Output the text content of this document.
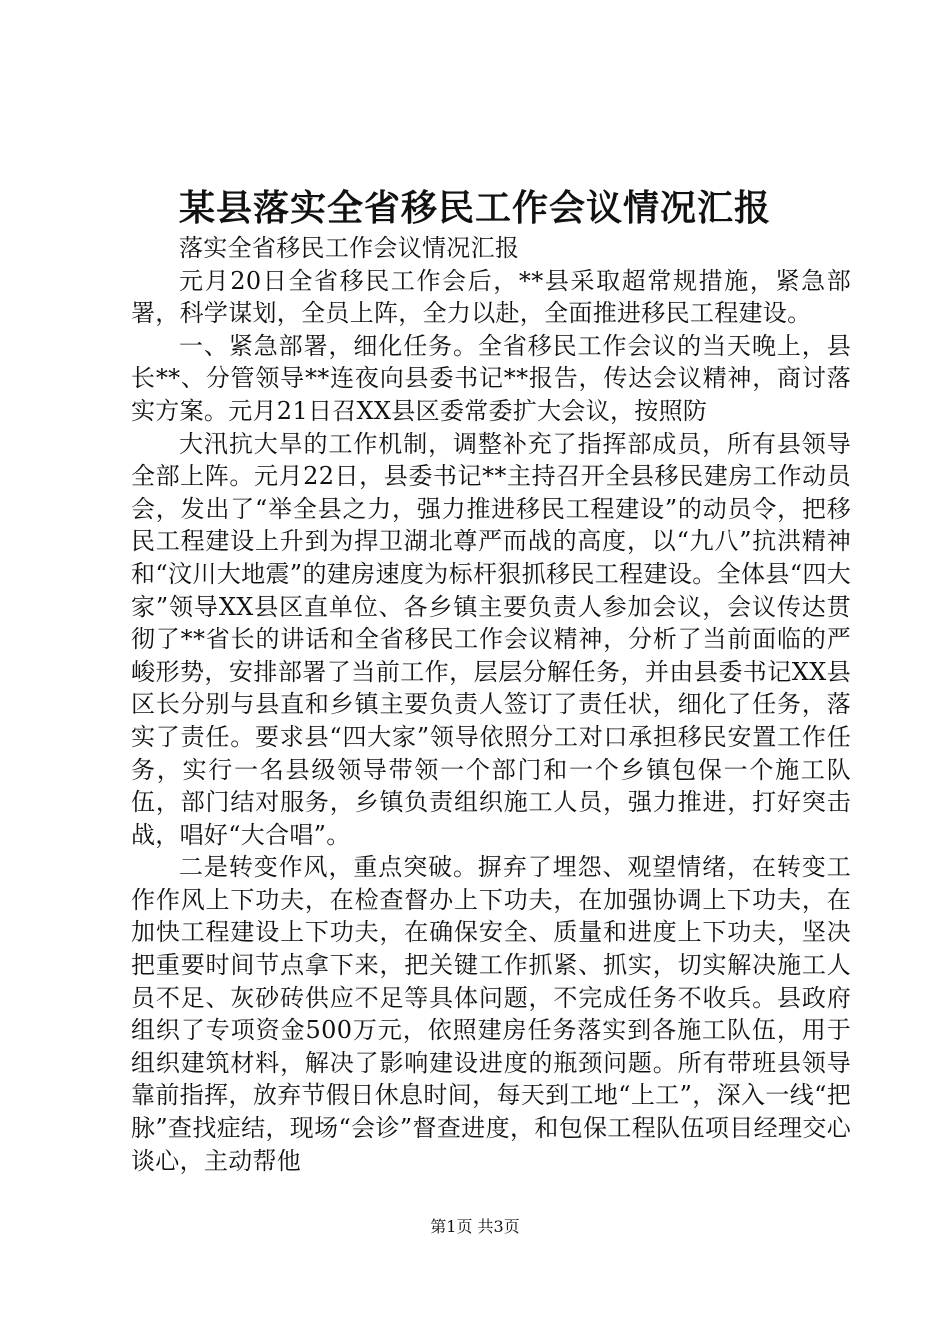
某县落实全省移民工作会议情况汇报

落实全省移民工作会议情况汇报

元月20日全省移民工作会后，**县采取超常规措施，紧急部署，科学谋划，全员上阵，全力以赴，全面推进移民工程建设。

一、紧急部署，细化任务。全省移民工作会议的当天晚上，县长**、分管领导**连夜向县委书记**报告，传达会议精神，商讨落实方案。元月21日召XX县区委常委扩大会议，按照防

大汛抗大旱的工作机制，调整补充了指挥部成员，所有县领导全部上阵。元月22日，县委书记**主持召开全县移民建房工作动员会，发出了“举全县之力，强力推进移民工程建设”的动员令，把移民工程建设上升到为捍卫湖北尊严而战的高度，以“九八”抗洪精神和“汶川大地震”的建房速度为标杆狠抓移民工程建设。全体县“四大家”领导XX县区直单位、各乡镇主要负责人参加会议，会议传达贯彻了**省长的讲话和全省移民工作会议精神，分析了当前面临的严峻形势，安排部署了当前工作，层层分解任务，并由县委书记XX县区长分别与县直和乡镇主要负责人签订了责任状，细化了任务，落实了责任。要求县“四大家”领导依照分工对口承担移民安置工作任务，实行一名县级领导带领一个部门和一个乡镇包保一个施工队伍，部门结对服务，乡镇负责组织施工人员，强力推进，打好突击战，唱好“大合唱”。

二是转变作风，重点突破。摒弃了埋怨、观望情绪，在转变工作作风上下功夫，在检查督办上下功夫，在加强协调上下功夫，在加快工程建设上下功夫，在确保安全、质量和进度上下功夫，坚决把重要时间节点拿下来，把关键工作抓紧、抓实，切实解决施工人员不足、灰砂砖供应不足等具体问题，不完成任务不收兵。县政府组织了专项资金500万元，依照建房任务落实到各施工队伍，用于组织建筑材料，解决了影响建设进度的瓶颈问题。所有带班县领导靠前指挥，放弃节假日休息时间，每天到工地“上工”，深入一线“把脉”查找症结，现场“会诊”督查进度，和包保工程队伍项目经理交心谈心，主动帮他

第1页 共3页
